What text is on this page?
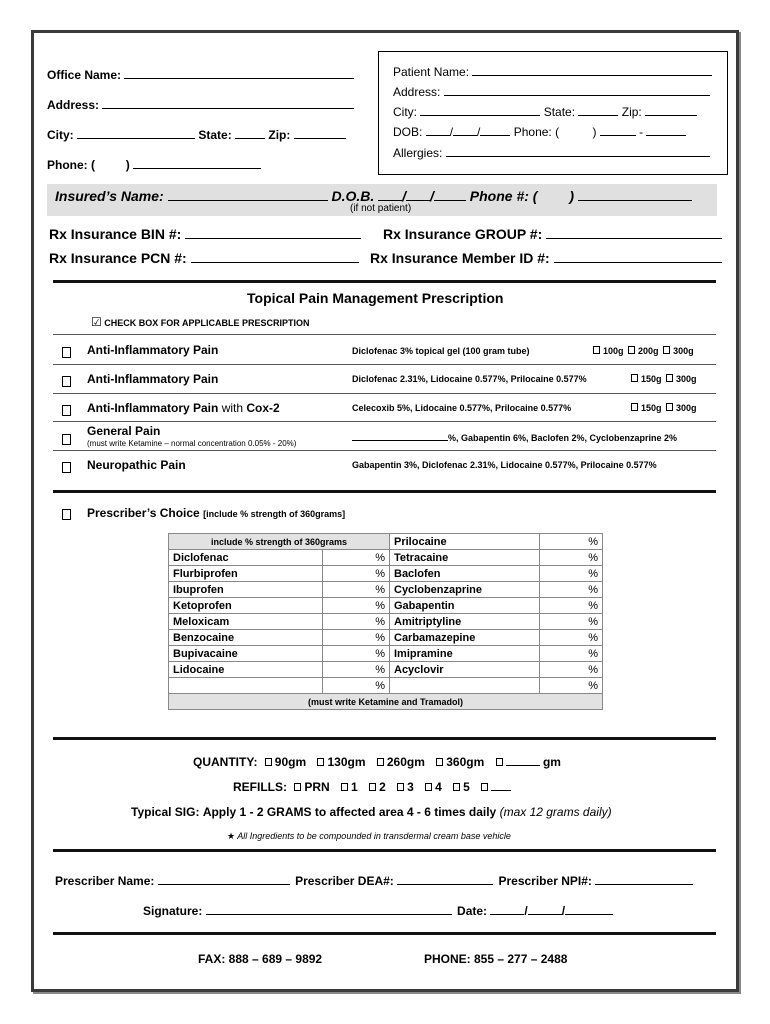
Office Name:
Address:
City:	State:	Zip:
Phone: (	)
Patient Name:
Address:
City:	State:	Zip:
DOB: / /	Phone: (	)	-
Allergies:
Insured’s Name:	D.O.B. / /	Phone #: ( )
(if not patient)
Rx Insurance BIN #:	Rx Insurance GROUP #:
Rx Insurance PCN #:	Rx Insurance Member ID #:
Topical Pain Management Prescription
☑ CHECK BOX FOR APPLICABLE PRESCRIPTION
Anti-Inflammatory Pain	Diclofenac 3% topical gel (100 gram tube)	100g 200g 300g
Anti-Inflammatory Pain	Diclofenac 2.31%, Lidocaine 0.577%, Prilocaine 0.577%	150g 300g
Anti-Inflammatory Pain with Cox-2	Celecoxib 5%, Lidocaine 0.577%, Prilocaine 0.577%	150g 300g
General Pain
(must write Ketamine – normal concentration 0.05% - 20%)
%, Gabapentin 6%, Baclofen 2%, Cyclobenzaprine 2%
Neuropathic Pain	Gabapentin 3%, Diclofenac 2.31%, Lidocaine 0.577%, Prilocaine 0.577%
Prescriber’s Choice [include % strength of 360grams]
include % strength of 360grams		Prilocaine	%
Diclofenac	%	Tetracaine	%
Flurbiprofen	%	Baclofen	%
Ibuprofen	%	Cyclobenzaprine	%
Ketoprofen	%	Gabapentin	%
Meloxicam	%	Amitriptyline	%
Benzocaine	%	Carbamazepine	%
Bupivacaine	%	Imipramine	%
Lidocaine	%	Acyclovir	%
	%		%
(must write Ketamine and Tramadol)			
QUANTITY: 90gm 130gm 260gm 360gm	gm
REFILLS: PRN 1 2 3 4 5
Typical SIG: Apply 1 - 2 GRAMS to affected area 4 - 6 times daily (max 12 grams daily)
★ All Ingredients to be compounded in transdermal cream base vehicle
Prescriber Name:	Prescriber DEA#:	Prescriber NPI#:
Signature:	Date:	/	/
FAX: 888 – 689 – 9892	PHONE: 855 – 277 – 2488
